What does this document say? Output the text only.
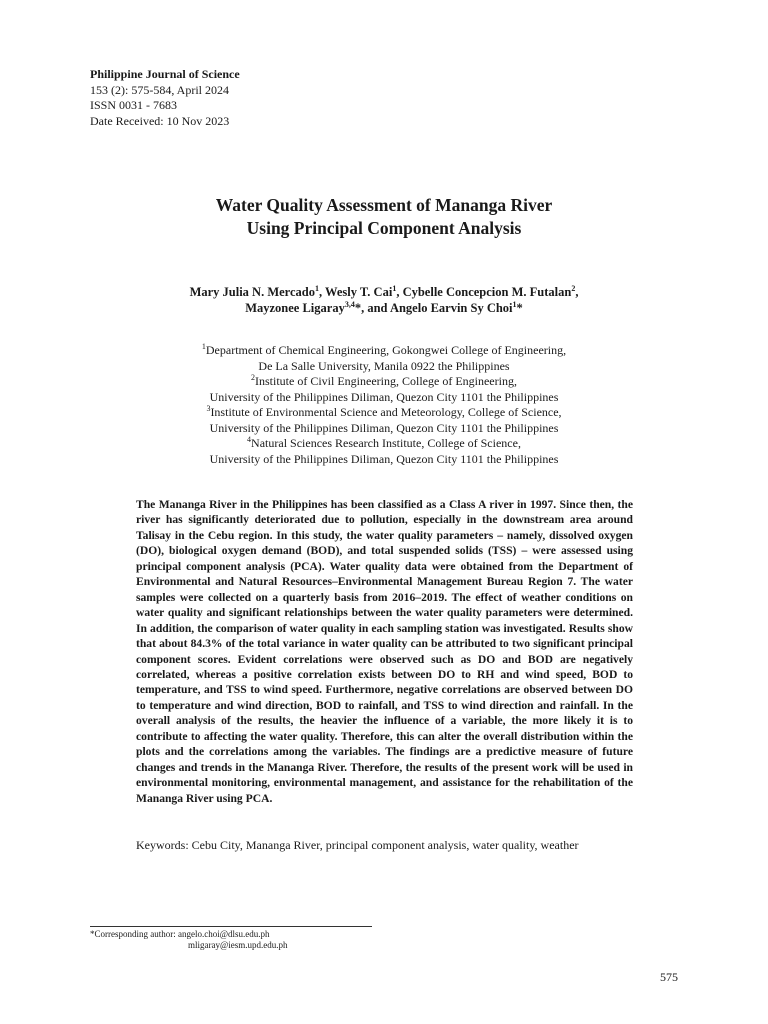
Philippine Journal of Science
153 (2): 575-584, April 2024
ISSN 0031 - 7683
Date Received: 10 Nov 2023
Water Quality Assessment of Mananga River
Using Principal Component Analysis
Mary Julia N. Mercado$^1$, Wesly T. Cai$^1$, Cybelle Concepcion M. Futalan$^2$,
Mayzonee Ligaray$^{3,4}$*, and Angelo Earvin Sy Choi$^1$*
$^1$Department of Chemical Engineering, Gokongwei College of Engineering,
De La Salle University, Manila 0922 the Philippines
$^2$Institute of Civil Engineering, College of Engineering,
University of the Philippines Diliman, Quezon City 1101 the Philippines
$^3$Institute of Environmental Science and Meteorology, College of Science,
University of the Philippines Diliman, Quezon City 1101 the Philippines
$^4$Natural Sciences Research Institute, College of Science,
University of the Philippines Diliman, Quezon City 1101 the Philippines
The Mananga River in the Philippines has been classified as a Class A river in 1997. Since then, the river has significantly deteriorated due to pollution, especially in the downstream area around Talisay in the Cebu region. In this study, the water quality parameters – namely, dissolved oxygen (DO), biological oxygen demand (BOD), and total suspended solids (TSS) – were assessed using principal component analysis (PCA). Water quality data were obtained from the Department of Environmental and Natural Resources–Environmental Management Bureau Region 7. The water samples were collected on a quarterly basis from 2016–2019. The effect of weather conditions on water quality and significant relationships between the water quality parameters were determined. In addition, the comparison of water quality in each sampling station was investigated. Results show that about 84.3% of the total variance in water quality can be attributed to two significant principal component scores. Evident correlations were observed such as DO and BOD are negatively correlated, whereas a positive correlation exists between DO to RH and wind speed, BOD to temperature, and TSS to wind speed. Furthermore, negative correlations are observed between DO to temperature and wind direction, BOD to rainfall, and TSS to wind direction and rainfall. In the overall analysis of the results, the heavier the influence of a variable, the more likely it is to contribute to affecting the water quality. Therefore, this can alter the overall distribution within the plots and the correlations among the variables. The findings are a predictive measure of future changes and trends in the Mananga River. Therefore, the results of the present work will be used in environmental monitoring, environmental management, and assistance for the rehabilitation of the Mananga River using PCA.
Keywords: Cebu City, Mananga River, principal component analysis, water quality, weather
*Corresponding author: angelo.choi@dlsu.edu.ph
mligaray@iesm.upd.edu.ph
575
